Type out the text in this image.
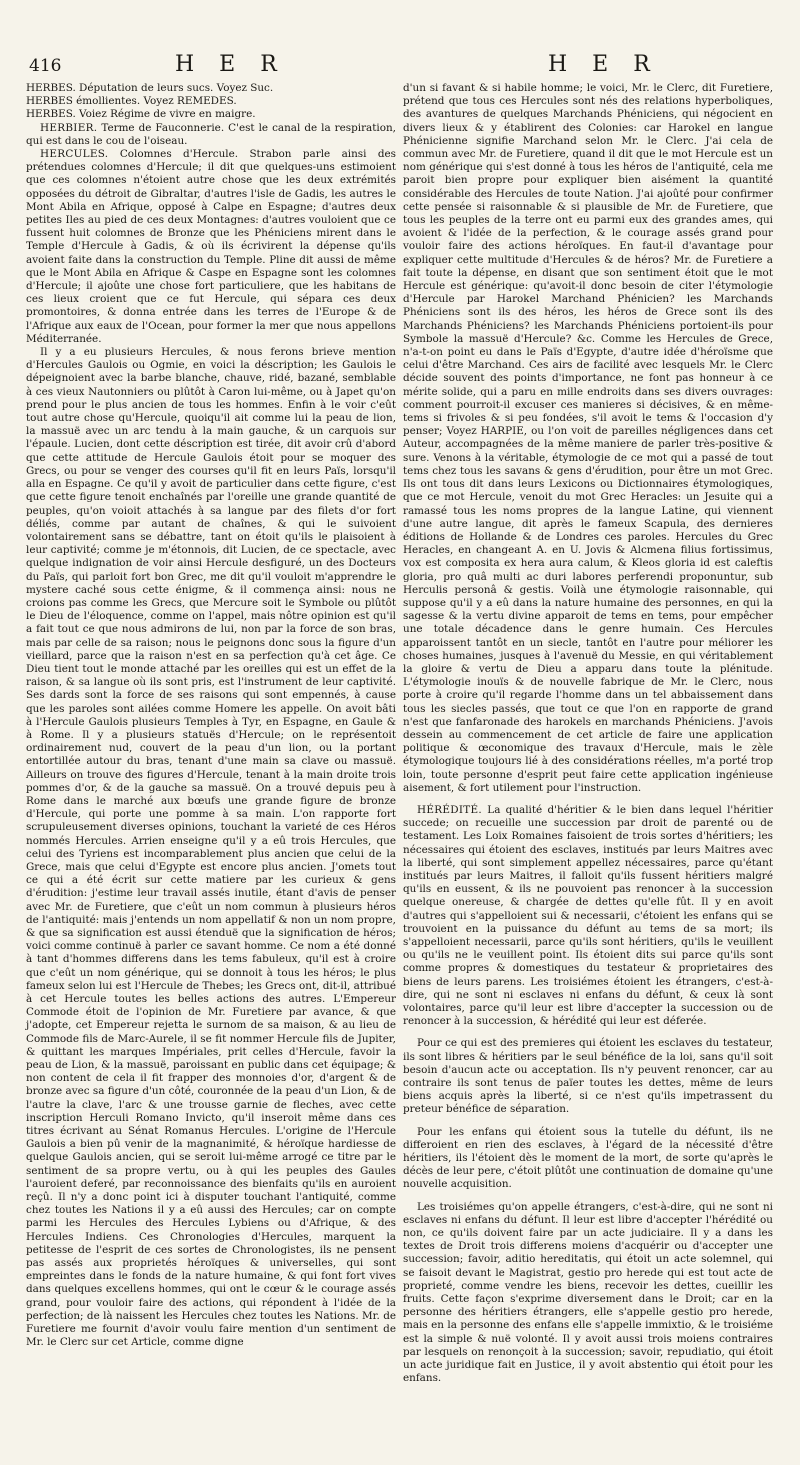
416	H E R	H E R

HERBES. Députation de leurs sucs. Voyez Suc.

HERBES émollientes. Voyez REMEDES.

HERBES. Voiez Régime de vivre en maigre.

HERBIER. Terme de Fauconnerie. C'est le canal de la respiration, qui est dans le cou de l'oiseau.

HERCULES. Colomnes d'Hercule. Strabon parle ainsi des prétendues colomnes d'Hercule; il dit que quelques-uns estimoient que ces colomnes n'étoient autre chose que les deux extrémités opposées du détroit de Gibraltar, d'autres l'isle de Gadis, les autres le Mont Abila en Afrique, opposé à Calpe en Espagne; d'autres deux petites Iles au pied de ces deux Montagnes: d'autres vouloient que ce fussent huit colomnes de Bronze que les Phéniciens mirent dans le Temple d'Hercule à Gadis, & où ils écrivirent la dépense qu'ils avoient faite dans la construction du Temple. Pline dit aussi de même que le Mont Abila en Afrique & Caspe en Espagne sont les colomnes d'Hercule; il ajoûte une chose fort particuliere, que les habitans de ces lieux croient que ce fut Hercule, qui sépara ces deux promontoires, & donna entrée dans les terres de l'Europe & de l'Afrique aux eaux de l'Ocean, pour former la mer que nous appellons Méditerranée.

Il y a eu plusieurs Hercules, & nous ferons brieve mention d'Hercules Gaulois ou Ogmie, en voici la déscription; les Gaulois le dépeignoient avec la barbe blanche, chauve, ridé, bazané, semblable à ces vieux Nautonniers ou plûtôt à Caron lui-même, ou à Japet qu'on prend pour le plus ancien de tous les hommes. Enfin à le voir c'eût tout autre chose qu'Hercule, quoiqu'il ait comme lui la peau de lion, la massuë avec un arc tendu à la main gauche, & un carquois sur l'épaule. Lucien, dont cette déscription est tirée, dit avoir crû d'abord que cette attitude de Hercule Gaulois étoit pour se moquer des Grecs, ou pour se venger des courses qu'il fit en leurs Païs, lorsqu'il alla en Espagne. Ce qu'il y avoit de particulier dans cette figure, c'est que cette figure tenoit enchaînés par l'oreille une grande quantité de peuples, qu'on voioit attachés à sa langue par des filets d'or fort déliés, comme par autant de chaînes, & qui le suivoient volontairement sans se débattre, tant on étoit qu'ils le plaisoient à leur captivité; comme je m'étonnois, dit Lucien, de ce spectacle, avec quelque indignation de voir ainsi Hercule desfiguré, un des Docteurs du Païs, qui parloit fort bon Grec, me dit qu'il vouloit m'apprendre le mystere caché sous cette énigme, & il commença ainsi: nous ne croions pas comme les Grecs, que Mercure soit le Symbole ou plûtôt le Dieu de l'éloquence, comme on l'appel, mais nôtre opinion est qu'il a fait tout ce que nous admirons de lui, non par la force de son bras, mais par celle de sa raison; nous le peignons donc sous la figure d'un vieillard, parce que la raison n'est en sa perfection qu'à cet âge. Ce Dieu tient tout le monde attaché par les oreilles qui est un effet de la raison, & sa langue où ils sont pris, est l'instrument de leur captivité. Ses dards sont la force de ses raisons qui sont empennés, à cause que les paroles sont ailées comme Homere les appelle. On avoit bâti à l'Hercule Gaulois plusieurs Temples à Tyr, en Espagne, en Gaule & à Rome. Il y a plusieurs statuës d'Hercule; on le représentoit ordinairement nud, couvert de la peau d'un lion, ou la portant entortillée autour du bras, tenant d'une main sa clave ou massuë. Ailleurs on trouve des figures d'Hercule, tenant à la main droite trois pommes d'or, & de la gauche sa massuë. On a trouvé depuis peu à Rome dans le marché aux bœufs une grande figure de bronze d'Hercule, qui porte une pomme à sa main. L'on rapporte fort scrupuleusement diverses opinions, touchant la varieté de ces Héros nommés Hercules. Arrien enseigne qu'il y a eû trois Hercules, que celui des Tyriens est incomparablement plus ancien que celui de la Grece, mais que celui d'Egypte est encore plus ancien. J'omets tout ce qui a été écrit sur cette matiere par les curieux & gens d'érudition: j'estime leur travail assés inutile, étant d'avis de penser avec Mr. de Furetiere, que c'eût un nom commun à plusieurs héros de l'antiquité: mais j'entends un nom appellatif & non un nom propre, & que sa signification est aussi étenduë que la signification de héros; voici comme continuë à parler ce savant homme. Ce nom a été donné à tant d'hommes differens dans les tems fabuleux, qu'il est à croire que c'eût un nom générique, qui se donnoit à tous les héros; le plus fameux selon lui est l'Hercule de Thebes; les Grecs ont, dit-il, attribué à cet Hercule toutes les belles actions des autres. L'Empereur Commode étoit de l'opinion de Mr. Furetiere par avance, & que j'adopte, cet Empereur rejetta le surnom de sa maison, & au lieu de Commode fils de Marc-Aurele, il se fit nommer Hercule fils de Jupiter, & quittant les marques Impériales, prit celles d'Hercule, favoir la peau de Lion, & la massuë, paroissant en public dans cet équipage; & non content de cela il fit frapper des monnoies d'or, d'argent & de bronze avec sa figure d'un côté, couronnée de la peau d'un Lion, & de l'autre la clave, l'arc & une trousse garnie de fleches, avec cette inscription Herculi Romano Invicto, qu'il inseroit même dans ces titres écrivant au Sénat Romanus Hercules. L'origine de l'Hercule Gaulois a bien pû venir de la magnanimité, & héroïque hardiesse de quelque Gaulois ancien, qui se seroit lui-même arrogé ce titre par le sentiment de sa propre vertu, ou à qui les peuples des Gaules l'auroient deferé, par reconnoissance des bienfaits qu'ils en auroient reçû. Il n'y a donc point ici à disputer touchant l'antiquité, comme chez toutes les Nations il y a eû aussi des Hercules; car on compte parmi les Hercules des Hercules Lybiens ou d'Afrique, & des Hercules Indiens. Ces Chronologies d'Hercules, marquent la petitesse de l'esprit de ces sortes de Chronologistes, ils ne pensent pas assés aux proprietés héroïques & universelles, qui sont empreintes dans le fonds de la nature humaine, & qui font fort vives dans quelques excellens hommes, qui ont le cœur & le courage assés grand, pour vouloir faire des actions, qui répondent à l'idée de la perfection; de là naissent les Hercules chez toutes les Nations. Mr. de Furetiere me fournit d'avoir voulu faire mention d'un sentiment de Mr. le Clerc sur cet Article, comme digne

d'un si favant & si habile homme; le voici, Mr. le Clerc, dit Furetiere, prétend que tous ces Hercules sont nés des relations hyperboliques, des avantures de quelques Marchands Phéniciens, qui négocient en divers lieux & y établirent des Colonies: car Harokel en langue Phénicienne signifie Marchand selon Mr. le Clerc. J'ai cela de commun avec Mr. de Furetiere, quand il dit que le mot Hercule est un nom générique qui s'est donné à tous les héros de l'antiquité, cela me paroit bien propre pour expliquer bien aisément la quantité considérable des Hercules de toute Nation. J'ai ajoûté pour confirmer cette pensée si raisonnable & si plausible de Mr. de Furetiere, que tous les peuples de la terre ont eu parmi eux des grandes ames, qui avoient & l'idée de la perfection, & le courage assés grand pour vouloir faire des actions héroïques. En faut-il d'avantage pour expliquer cette multitude d'Hercules & de héros? Mr. de Furetiere a fait toute la dépense, en disant que son sentiment étoit que le mot Hercule est générique: qu'avoit-il donc besoin de citer l'étymologie d'Hercule par Harokel Marchand Phénicien? les Marchands Phéniciens sont ils des héros, les héros de Grece sont ils des Marchands Phéniciens? les Marchands Phéniciens portoient-ils pour Symbole la massuë d'Hercule? &c. Comme les Hercules de Grece, n'a-t-on point eu dans le Païs d'Egypte, d'autre idée d'héroïsme que celui d'être Marchand. Ces airs de facilité avec lesquels Mr. le Clerc décide souvent des points d'importance, ne font pas honneur à ce mérite solide, qui a paru en mille endroits dans ses divers ouvrages: comment pourroit-il excuser ces manieres si décisives, & en même-tems si frivoles & si peu fondées, s'il avoit le tems & l'occasion d'y penser; Voyez HARPIE, ou l'on voit de pareilles négligences dans cet Auteur, accompagnées de la même maniere de parler très-positive & sure. Venons à la véritable, étymologie de ce mot qui a passé de tout tems chez tous les savans & gens d'érudition, pour être un mot Grec. Ils ont tous dit dans leurs Lexicons ou Dictionnaires étymologiques, que ce mot Hercule, venoit du mot Grec Heracles: un Jesuite qui a ramassé tous les noms propres de la langue Latine, qui viennent d'une autre langue, dit après le fameux Scapula, des dernieres éditions de Hollande & de Londres ces paroles. Hercules du Grec Heracles, en changeant A. en U. Jovis & Alcmena filius fortissimus, vox est composita ex hera aura calum, & Kleos gloria id est caleftis gloria, pro quâ multi ac duri labores perferendi proponuntur, sub Herculis personâ & gestis. Voilà une étymologie raisonnable, qui suppose qu'il y a eû dans la nature humaine des personnes, en qui la sagesse & la vertu divine apparoit de tems en tems, pour empêcher une totale décadence dans le genre humain. Ces Hercules apparoissent tantôt en un siecle, tantôt en l'autre pour méliorer les choses humaines, jusques à l'avenuë du Messie, en qui véritablement la gloire & vertu de Dieu a apparu dans toute la plénitude. L'étymologie inouïs & de nouvelle fabrique de Mr. le Clerc, nous porte à croire qu'il regarde l'homme dans un tel abbaissement dans tous les siecles passés, que tout ce que l'on en rapporte de grand n'est que fanfaronade des harokels en marchands Phéniciens. J'avois dessein au commencement de cet article de faire une application politique & œconomique des travaux d'Hercule, mais le zèle étymologique toujours lié à des considérations réelles, m'a porté trop loin, toute personne d'esprit peut faire cette application ingénieuse aisement, & fort utilement pour l'instruction.

HÉRÉDITÉ. La qualité d'héritier & le bien dans lequel l'héritier succede; on recueille une succession par droit de parenté ou de testament. Les Loix Romaines faisoient de trois sortes d'héritiers; les nécessaires qui étoient des esclaves, institués par leurs Maitres avec la liberté, qui sont simplement appellez nécessaires, parce qu'étant institués par leurs Maitres, il falloit qu'ils fussent héritiers malgré qu'ils en eussent, & ils ne pouvoient pas renoncer à la succession quelque onereuse, & chargée de dettes qu'elle fût. Il y en avoit d'autres qui s'appelloient sui & necessarii, c'étoient les enfans qui se trouvoient en la puissance du défunt au tems de sa mort; ils s'appelloient necessarii, parce qu'ils sont héritiers, qu'ils le veuillent ou qu'ils ne le veuillent point. Ils étoient dits sui parce qu'ils sont comme propres & domestiques du testateur & proprietaires des biens de leurs parens. Les troisiémes étoient les étrangers, c'est-à-dire, qui ne sont ni esclaves ni enfans du défunt, & ceux là sont volontaires, parce qu'il leur est libre d'accepter la succession ou de renoncer à la succession, & hérédité qui leur est déferée.

Pour ce qui est des premieres qui étoient les esclaves du testateur, ils sont libres & héritiers par le seul bénéfice de la loi, sans qu'il soit besoin d'aucun acte ou acceptation. Ils n'y peuvent renoncer, car au contraire ils sont tenus de païer toutes les dettes, même de leurs biens acquis après la liberté, si ce n'est qu'ils impetrassent du preteur bénéfice de séparation.

Pour les enfans qui étoient sous la tutelle du défunt, ils ne differoient en rien des esclaves, à l'égard de la nécessité d'être héritiers, ils l'étoient dès le moment de la mort, de sorte qu'après le décès de leur pere, c'étoit plûtôt une continuation de domaine qu'une nouvelle acquisition.

Les troisiémes qu'on appelle étrangers, c'est-à-dire, qui ne sont ni esclaves ni enfans du défunt. Il leur est libre d'accepter l'hérédité ou non, ce qu'ils doivent faire par un acte judiciaire. Il y a dans les textes de Droit trois differens moiens d'acquérir ou d'accepter une succession; favoir, aditio hereditatis, qui étoit un acte solemnel, qui se faisoit devant le Magistrat, gestio pro herede qui est tout acte de proprieté, comme vendre les biens, recevoir les dettes, cueillir les fruits. Cette façon s'exprime diversement dans le Droit; car en la personne des héritiers étrangers, elle s'appelle gestio pro herede, mais en la personne des enfans elle s'appelle immixtio, & le troisiéme est la simple & nuë volonté. Il y avoit aussi trois moiens contraires par lesquels on renonçoit à la succession; savoir, repudiatio, qui étoit un acte juridique fait en Justice, il y avoit abstentio qui étoit pour les enfans.
